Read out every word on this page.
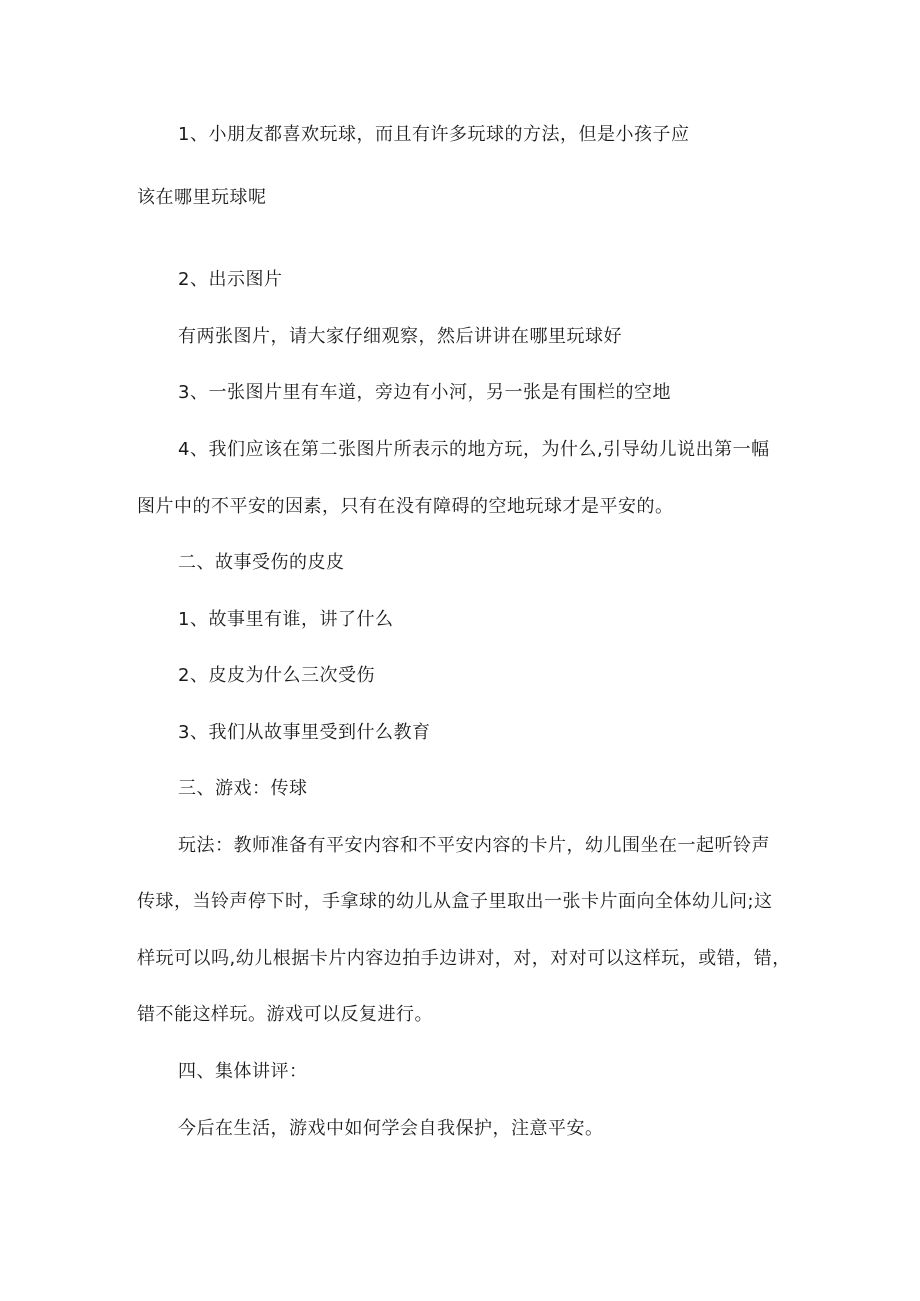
1、小朋友都喜欢玩球，而且有许多玩球的方法，但是小孩子应

该在哪里玩球呢

2、出示图片

有两张图片，请大家仔细观察，然后讲讲在哪里玩球好

3、一张图片里有车道，旁边有小河，另一张是有围栏的空地

4、我们应该在第二张图片所表示的地方玩，为什么,引导幼儿说出第一幅

图片中的不平安的因素，只有在没有障碍的空地玩球才是平安的。

二、故事受伤的皮皮

1、故事里有谁，讲了什么

2、皮皮为什么三次受伤

3、我们从故事里受到什么教育

三、游戏：传球

玩法：教师准备有平安内容和不平安内容的卡片，幼儿围坐在一起听铃声

传球，当铃声停下时，手拿球的幼儿从盒子里取出一张卡片面向全体幼儿问;这

样玩可以吗,幼儿根据卡片内容边拍手边讲对，对，对对可以这样玩，或错，错，

错不能这样玩。游戏可以反复进行。

四、集体讲评：

今后在生活，游戏中如何学会自我保护，注意平安。
